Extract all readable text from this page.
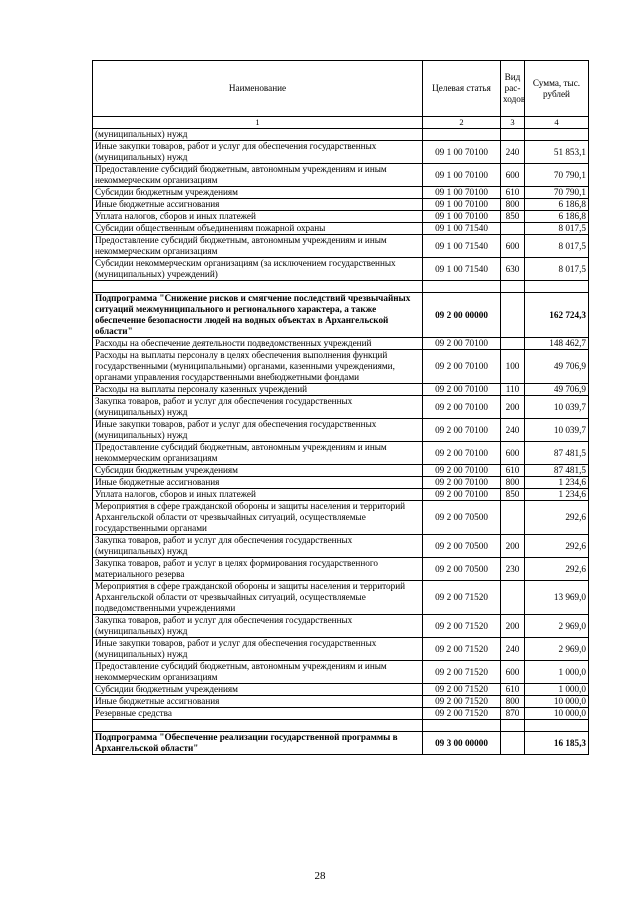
Наименование	Целевая статья	Вид рас-ходов	Сумма, тыс. рублей
1	2	3	4
(муниципальных) нужд			
Иные закупки товаров, работ и услуг для обеспечения государственных (муниципальных) нужд	09 1 00 70100	240	51 853,1
Предоставление субсидий бюджетным, автономным учреждениям и иным некоммерческим организациям	09 1 00 70100	600	70 790,1
Субсидии бюджетным учреждениям	09 1 00 70100	610	70 790,1
Иные бюджетные ассигнования	09 1 00 70100	800	6 186,8
Уплата налогов, сборов и иных платежей	09 1 00 70100	850	6 186,8
Субсидии общественным объединениям пожарной охраны	09 1 00 71540		8 017,5
Предоставление субсидий бюджетным, автономным учреждениям и иным некоммерческим организациям	09 1 00 71540	600	8 017,5
Субсидии некоммерческим организациям (за исключением государственных (муниципальных) учреждений)	09 1 00 71540	630	8 017,5

Подпрограмма "Снижение рисков и смягчение последствий чрезвычайных ситуаций межмуниципального и регионального характера, а также обеспечение безопасности людей на водных объектах в Архангельской области"	09 2 00 00000		162 724,3
Расходы на обеспечение деятельности подведомственных учреждений	09 2 00 70100		148 462,7
Расходы на выплаты персоналу в целях обеспечения выполнения функций государственными (муниципальными) органами, казенными учреждениями, органами управления государственными внебюджетными фондами	09 2 00 70100	100	49 706,9
Расходы на выплаты персоналу казенных учреждений	09 2 00 70100	110	49 706,9
Закупка товаров, работ и услуг для обеспечения государственных (муниципальных) нужд	09 2 00 70100	200	10 039,7
Иные закупки товаров, работ и услуг для обеспечения государственных (муниципальных) нужд	09 2 00 70100	240	10 039,7
Предоставление субсидий бюджетным, автономным учреждениям и иным некоммерческим организациям	09 2 00 70100	600	87 481,5
Субсидии бюджетным учреждениям	09 2 00 70100	610	87 481,5
Иные бюджетные ассигнования	09 2 00 70100	800	1 234,6
Уплата налогов, сборов и иных платежей	09 2 00 70100	850	1 234,6
Мероприятия в сфере гражданской обороны и защиты населения и территорий Архангельской области от чрезвычайных ситуаций, осуществляемые государственными органами	09 2 00 70500		292,6
Закупка товаров, работ и услуг для обеспечения государственных (муниципальных) нужд	09 2 00 70500	200	292,6
Закупка товаров, работ и услуг в целях формирования государственного материального резерва	09 2 00 70500	230	292,6
Мероприятия в сфере гражданской обороны и защиты населения и территорий Архангельской области от чрезвычайных ситуаций, осуществляемые подведомственными учреждениями	09 2 00 71520		13 969,0
Закупка товаров, работ и услуг для обеспечения государственных (муниципальных) нужд	09 2 00 71520	200	2 969,0
Иные закупки товаров, работ и услуг для обеспечения государственных (муниципальных) нужд	09 2 00 71520	240	2 969,0
Предоставление субсидий бюджетным, автономным учреждениям и иным некоммерческим организациям	09 2 00 71520	600	1 000,0
Субсидии бюджетным учреждениям	09 2 00 71520	610	1 000,0
Иные бюджетные ассигнования	09 2 00 71520	800	10 000,0
Резервные средства	09 2 00 71520	870	10 000,0

Подпрограмма "Обеспечение реализации государственной программы в Архангельской области"	09 3 00 00000		16 185,3
28
